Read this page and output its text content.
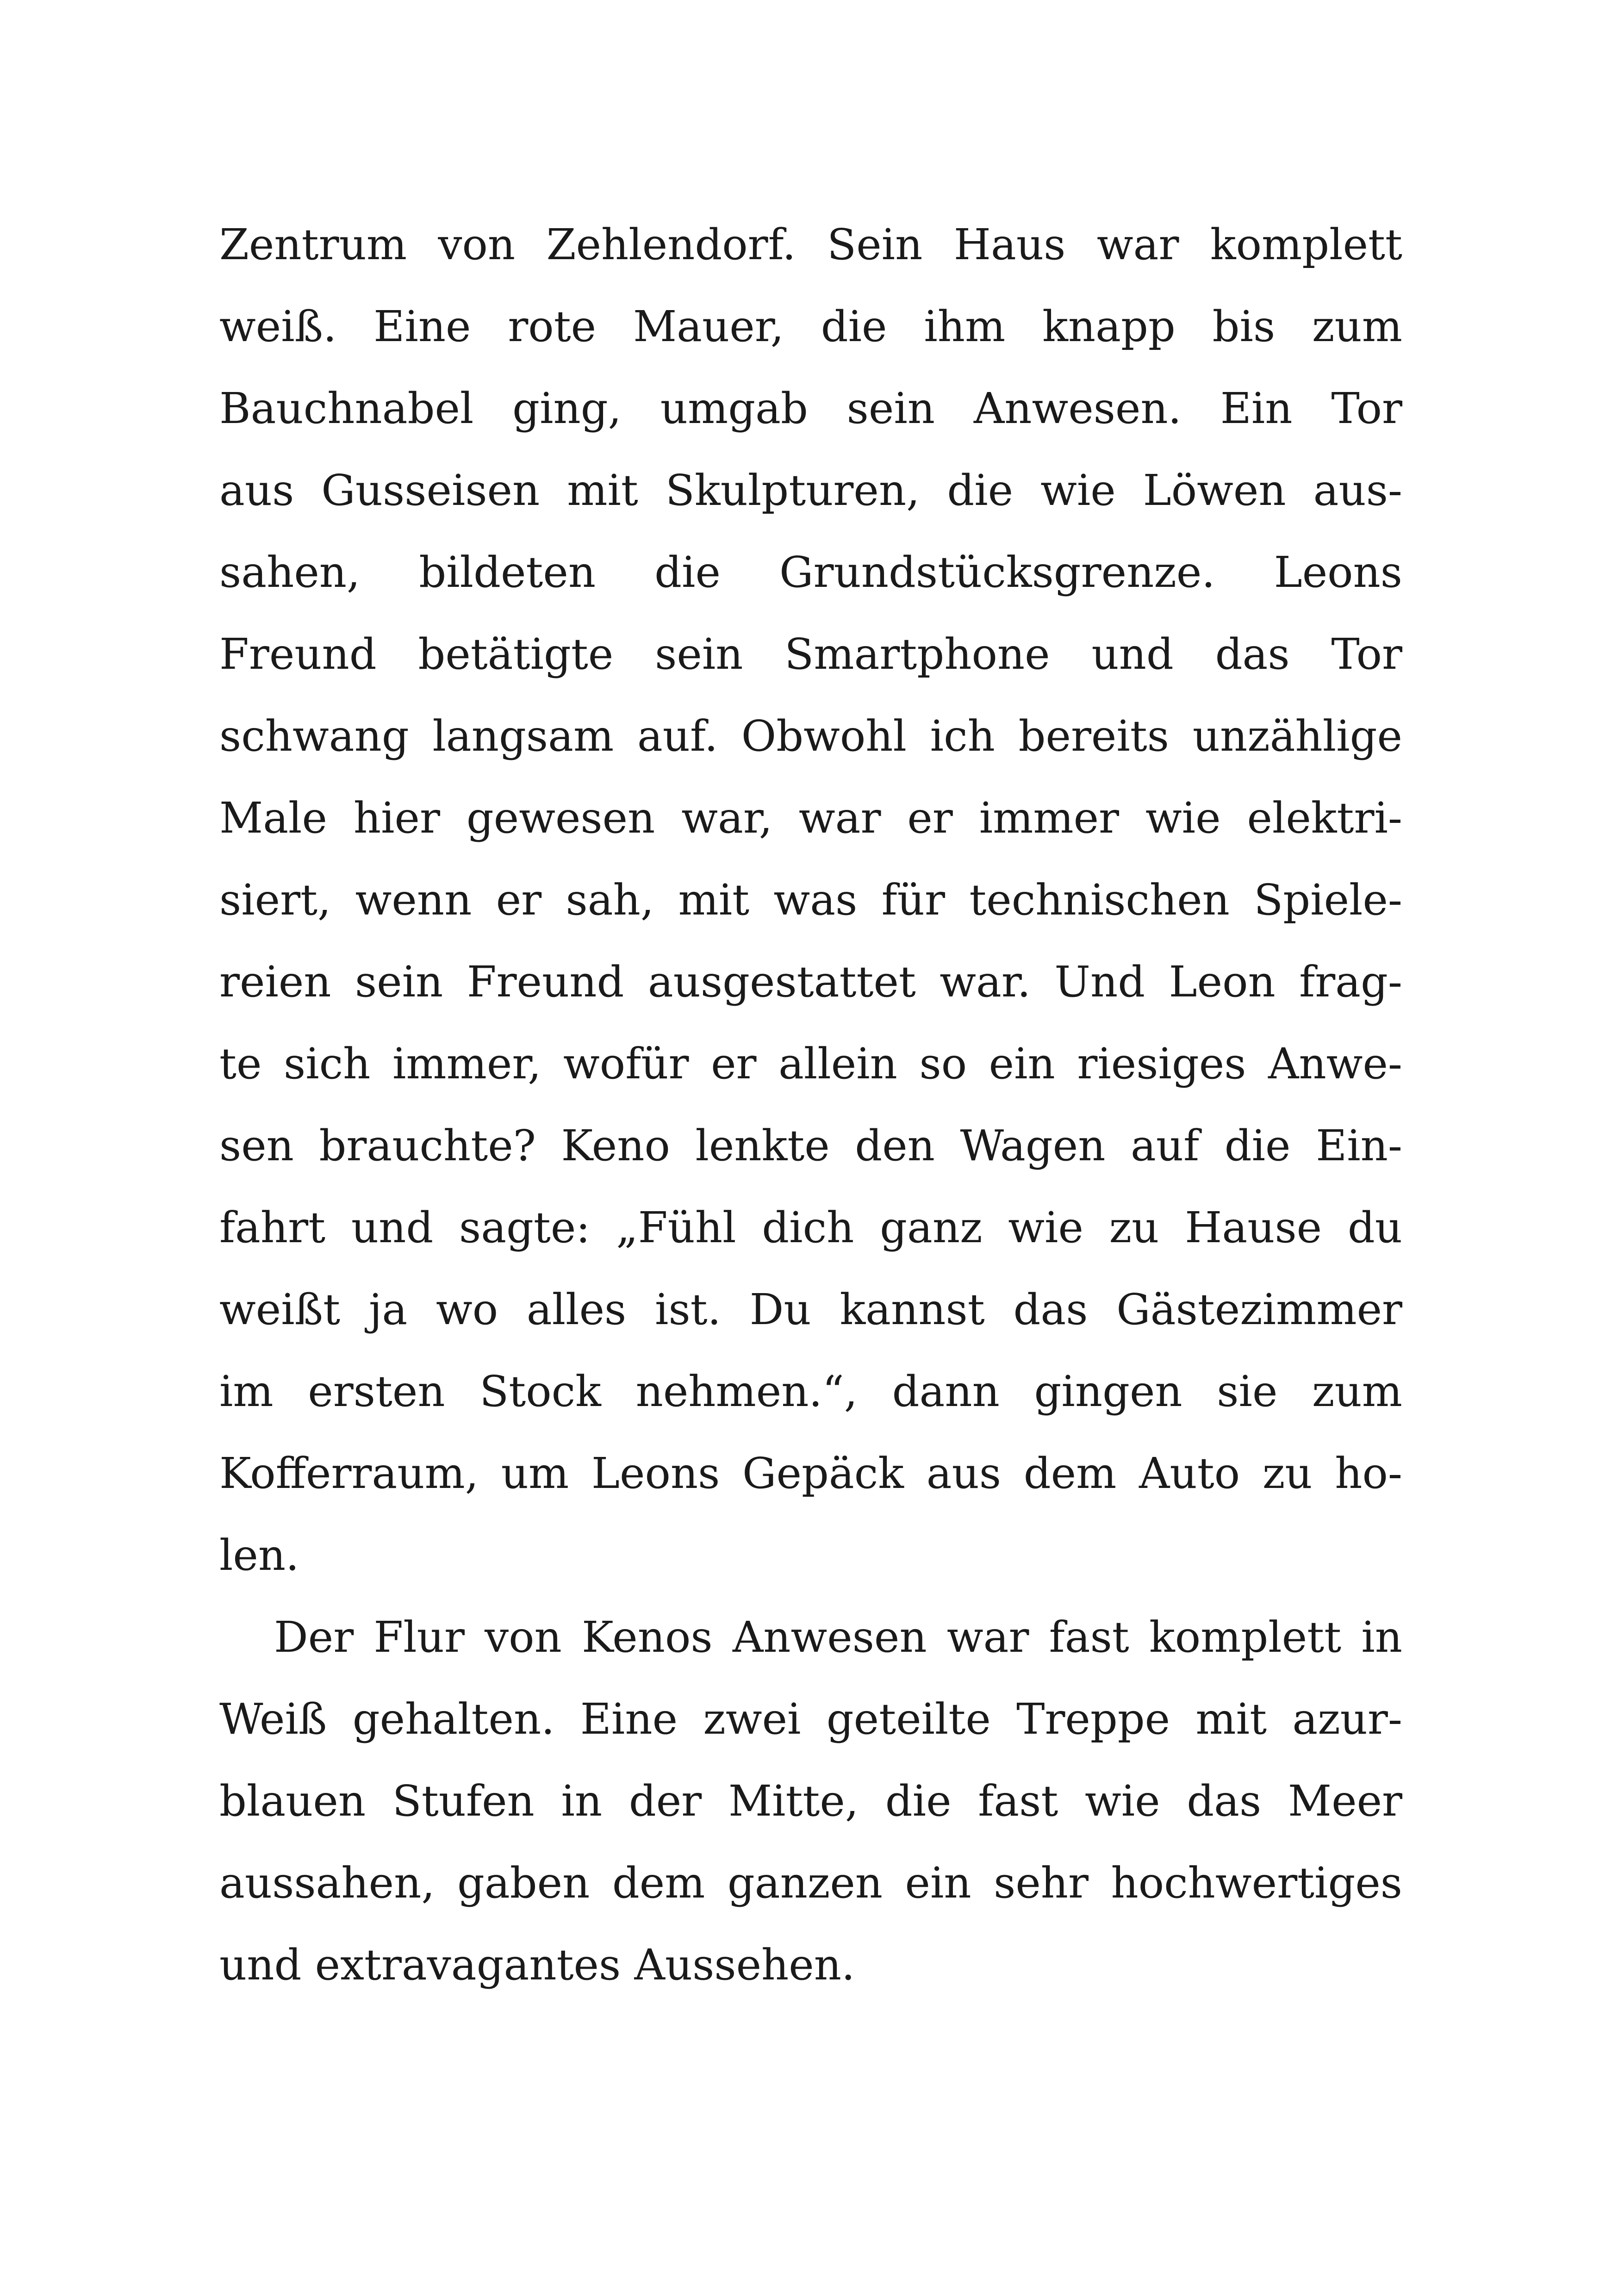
Zentrum von Zehlendorf. Sein Haus war komplett
weiß. Eine rote Mauer, die ihm knapp bis zum
Bauchnabel ging, umgab sein Anwesen. Ein Tor
aus Gusseisen mit Skulpturen, die wie Löwen aus-
sahen, bildeten die Grundstücksgrenze. Leons
Freund betätigte sein Smartphone und das Tor
schwang langsam auf. Obwohl ich bereits unzählige
Male hier gewesen war, war er immer wie elektri-
siert, wenn er sah, mit was für technischen Spiele-
reien sein Freund ausgestattet war. Und Leon frag-
te sich immer, wofür er allein so ein riesiges Anwe-
sen brauchte? Keno lenkte den Wagen auf die Ein-
fahrt und sagte: „Fühl dich ganz wie zu Hause du
weißt ja wo alles ist. Du kannst das Gästezimmer
im ersten Stock nehmen.“, dann gingen sie zum
Kofferraum, um Leons Gepäck aus dem Auto zu ho-
len.
Der Flur von Kenos Anwesen war fast komplett in
Weiß gehalten. Eine zwei geteilte Treppe mit azur-
blauen Stufen in der Mitte, die fast wie das Meer
aussahen, gaben dem ganzen ein sehr hochwertiges
und extravagantes Aussehen.
